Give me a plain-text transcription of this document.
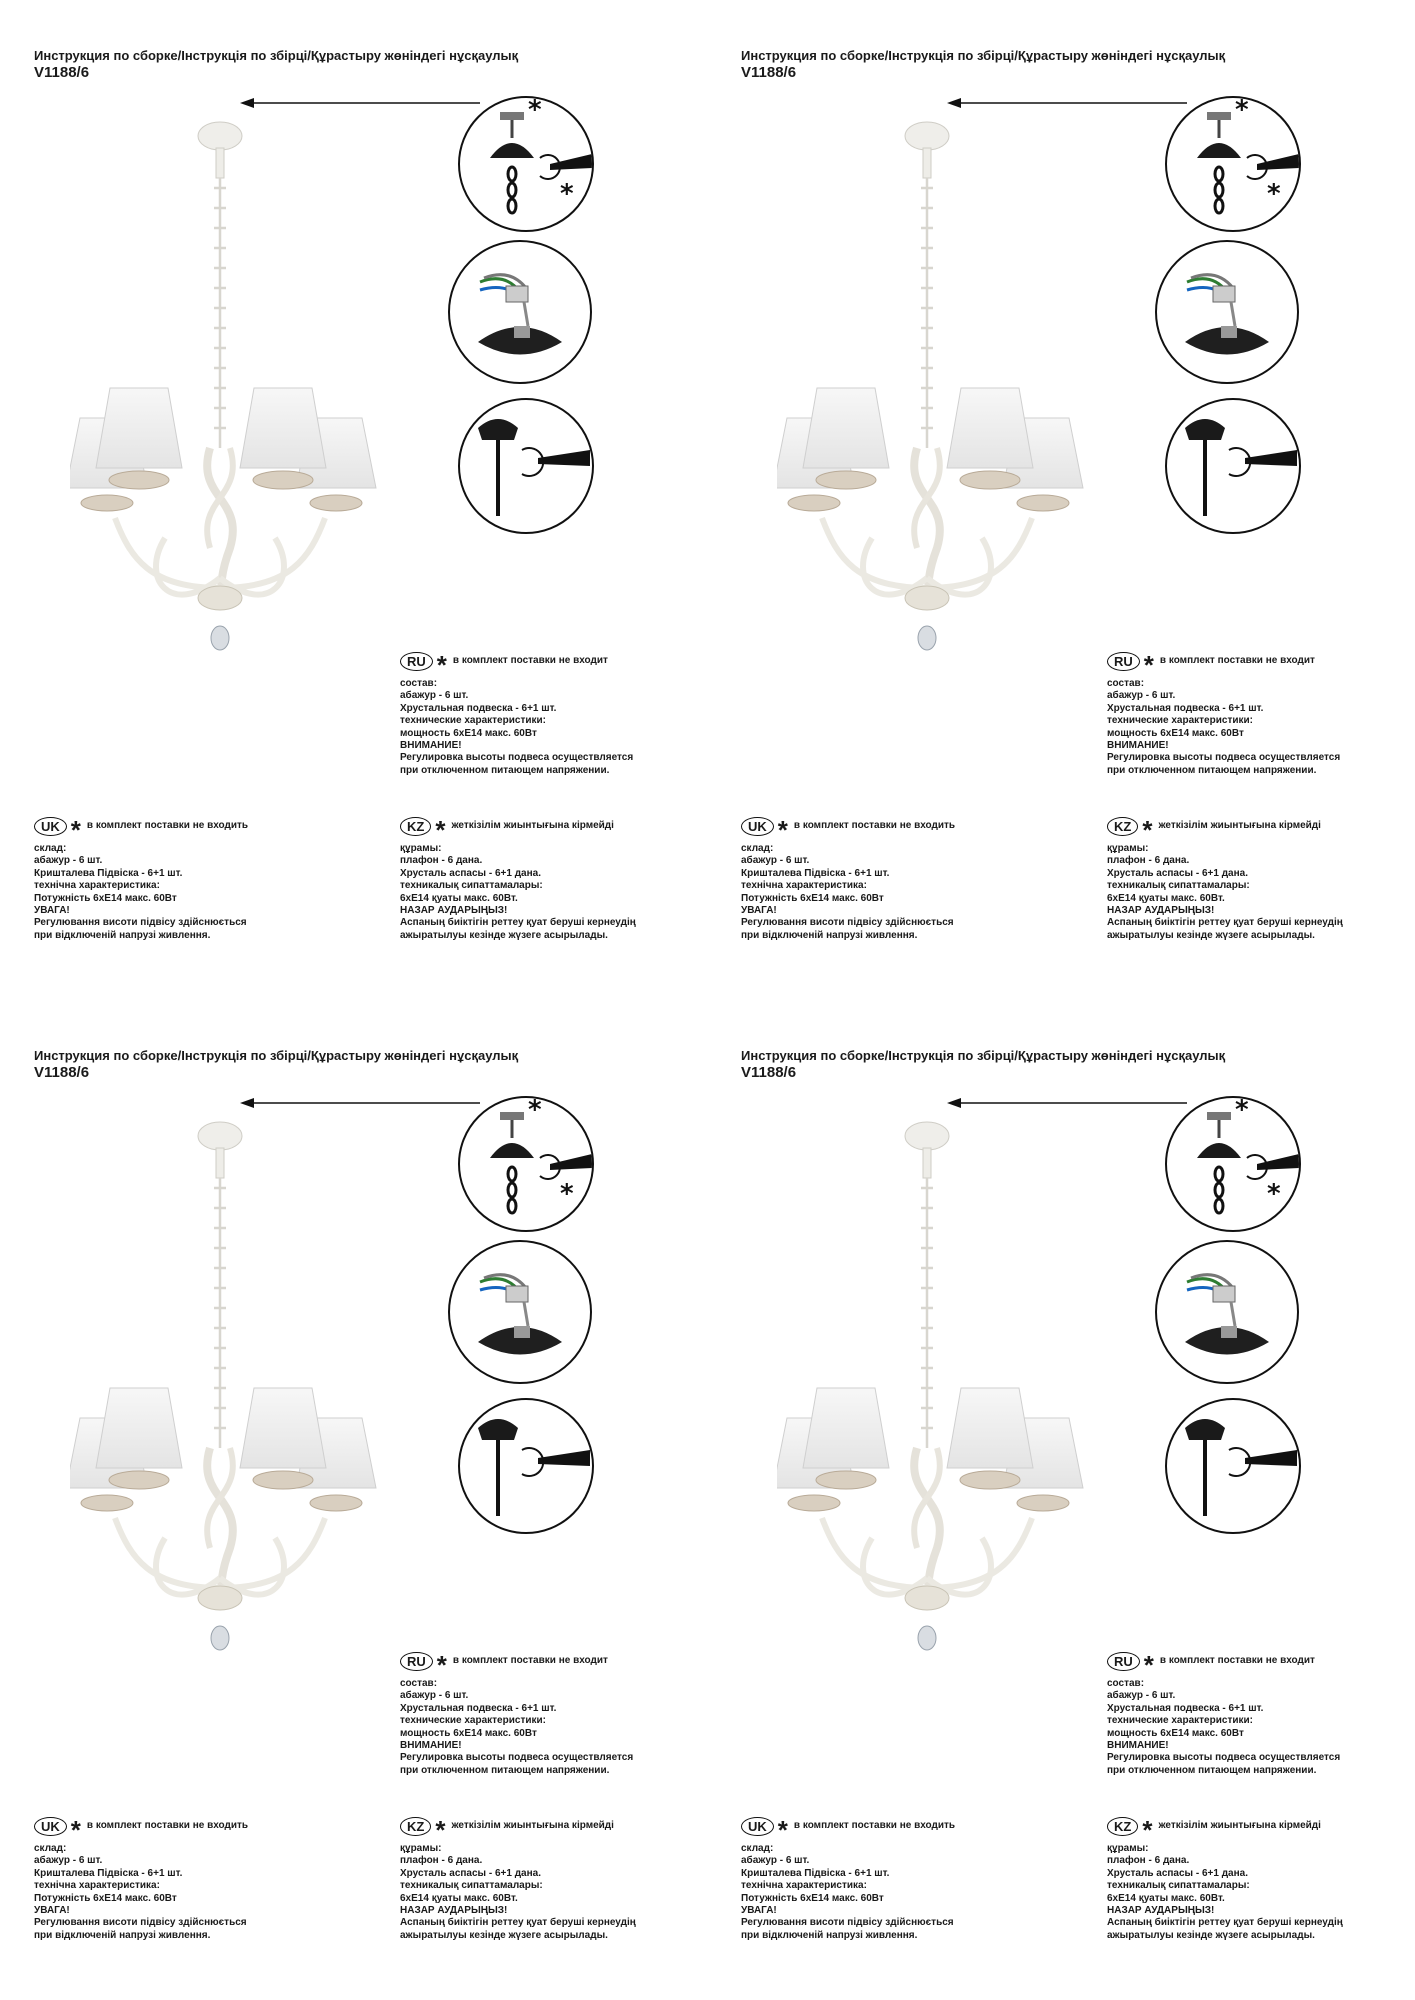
Инструкция по сборке/Інструкція по збірці/Құрастыру жөніндегі нұсқаулық
V1188/6
*
*
RU * в комплект поставки не входит
состав:
абажур - 6 шт.
Хрустальная подвеска - 6+1 шт.
технические характеристики:
мощность 6хЕ14 макс. 60Вт
ВНИМАНИЕ!
Регулировка высоты подвеса осуществляется
при отключенном питающем напряжении.
UK * в комплект поставки не входить
склад:
абажур - 6 шт.
Кришталева Підвіска - 6+1 шт.
технічна характеристика:
Потужність 6хЕ14 макс. 60Вт
УВАГА!
Регулювання висоти підвісу здійснюється
при відключеній напрузі живлення.
KZ * жеткізілім жиынтығына кірмейді
құрамы:
плафон - 6 дана.
Хрусталь аспасы - 6+1 дана.
техникалық сипаттамалары:
6хЕ14 қуаты макс. 60Вт.
НАЗАР АУДАРЫҢЫЗ!
Аспаның биіктігін реттеу қуат беруші кернеудің
ажыратылуы кезінде жүзеге асырылады.
Инструкция по сборке/Інструкція по збірці/Құрастыру жөніндегі нұсқаулық
V1188/6
*
*
RU * в комплект поставки не входит
состав:
абажур - 6 шт.
Хрустальная подвеска - 6+1 шт.
технические характеристики:
мощность 6хЕ14 макс. 60Вт
ВНИМАНИЕ!
Регулировка высоты подвеса осуществляется
при отключенном питающем напряжении.
UK * в комплект поставки не входить
склад:
абажур - 6 шт.
Кришталева Підвіска - 6+1 шт.
технічна характеристика:
Потужність 6хЕ14 макс. 60Вт
УВАГА!
Регулювання висоти підвісу здійснюється
при відключеній напрузі живлення.
KZ * жеткізілім жиынтығына кірмейді
құрамы:
плафон - 6 дана.
Хрусталь аспасы - 6+1 дана.
техникалық сипаттамалары:
6хЕ14 қуаты макс. 60Вт.
НАЗАР АУДАРЫҢЫЗ!
Аспаның биіктігін реттеу қуат беруші кернеудің
ажыратылуы кезінде жүзеге асырылады.
Инструкция по сборке/Інструкція по збірці/Құрастыру жөніндегі нұсқаулық
V1188/6
*
*
RU * в комплект поставки не входит
состав:
абажур - 6 шт.
Хрустальная подвеска - 6+1 шт.
технические характеристики:
мощность 6хЕ14 макс. 60Вт
ВНИМАНИЕ!
Регулировка высоты подвеса осуществляется
при отключенном питающем напряжении.
UK * в комплект поставки не входить
склад:
абажур - 6 шт.
Кришталева Підвіска - 6+1 шт.
технічна характеристика:
Потужність 6хЕ14 макс. 60Вт
УВАГА!
Регулювання висоти підвісу здійснюється
при відключеній напрузі живлення.
KZ * жеткізілім жиынтығына кірмейді
құрамы:
плафон - 6 дана.
Хрусталь аспасы - 6+1 дана.
техникалық сипаттамалары:
6хЕ14 қуаты макс. 60Вт.
НАЗАР АУДАРЫҢЫЗ!
Аспаның биіктігін реттеу қуат беруші кернеудің
ажыратылуы кезінде жүзеге асырылады.
Инструкция по сборке/Інструкція по збірці/Құрастыру жөніндегі нұсқаулық
V1188/6
*
*
RU * в комплект поставки не входит
состав:
абажур - 6 шт.
Хрустальная подвеска - 6+1 шт.
технические характеристики:
мощность 6хЕ14 макс. 60Вт
ВНИМАНИЕ!
Регулировка высоты подвеса осуществляется
при отключенном питающем напряжении.
UK * в комплект поставки не входить
склад:
абажур - 6 шт.
Кришталева Підвіска - 6+1 шт.
технічна характеристика:
Потужність 6хЕ14 макс. 60Вт
УВАГА!
Регулювання висоти підвісу здійснюється
при відключеній напрузі живлення.
KZ * жеткізілім жиынтығына кірмейді
құрамы:
плафон - 6 дана.
Хрусталь аспасы - 6+1 дана.
техникалық сипаттамалары:
6хЕ14 қуаты макс. 60Вт.
НАЗАР АУДАРЫҢЫЗ!
Аспаның биіктігін реттеу қуат беруші кернеудің
ажыратылуы кезінде жүзеге асырылады.
